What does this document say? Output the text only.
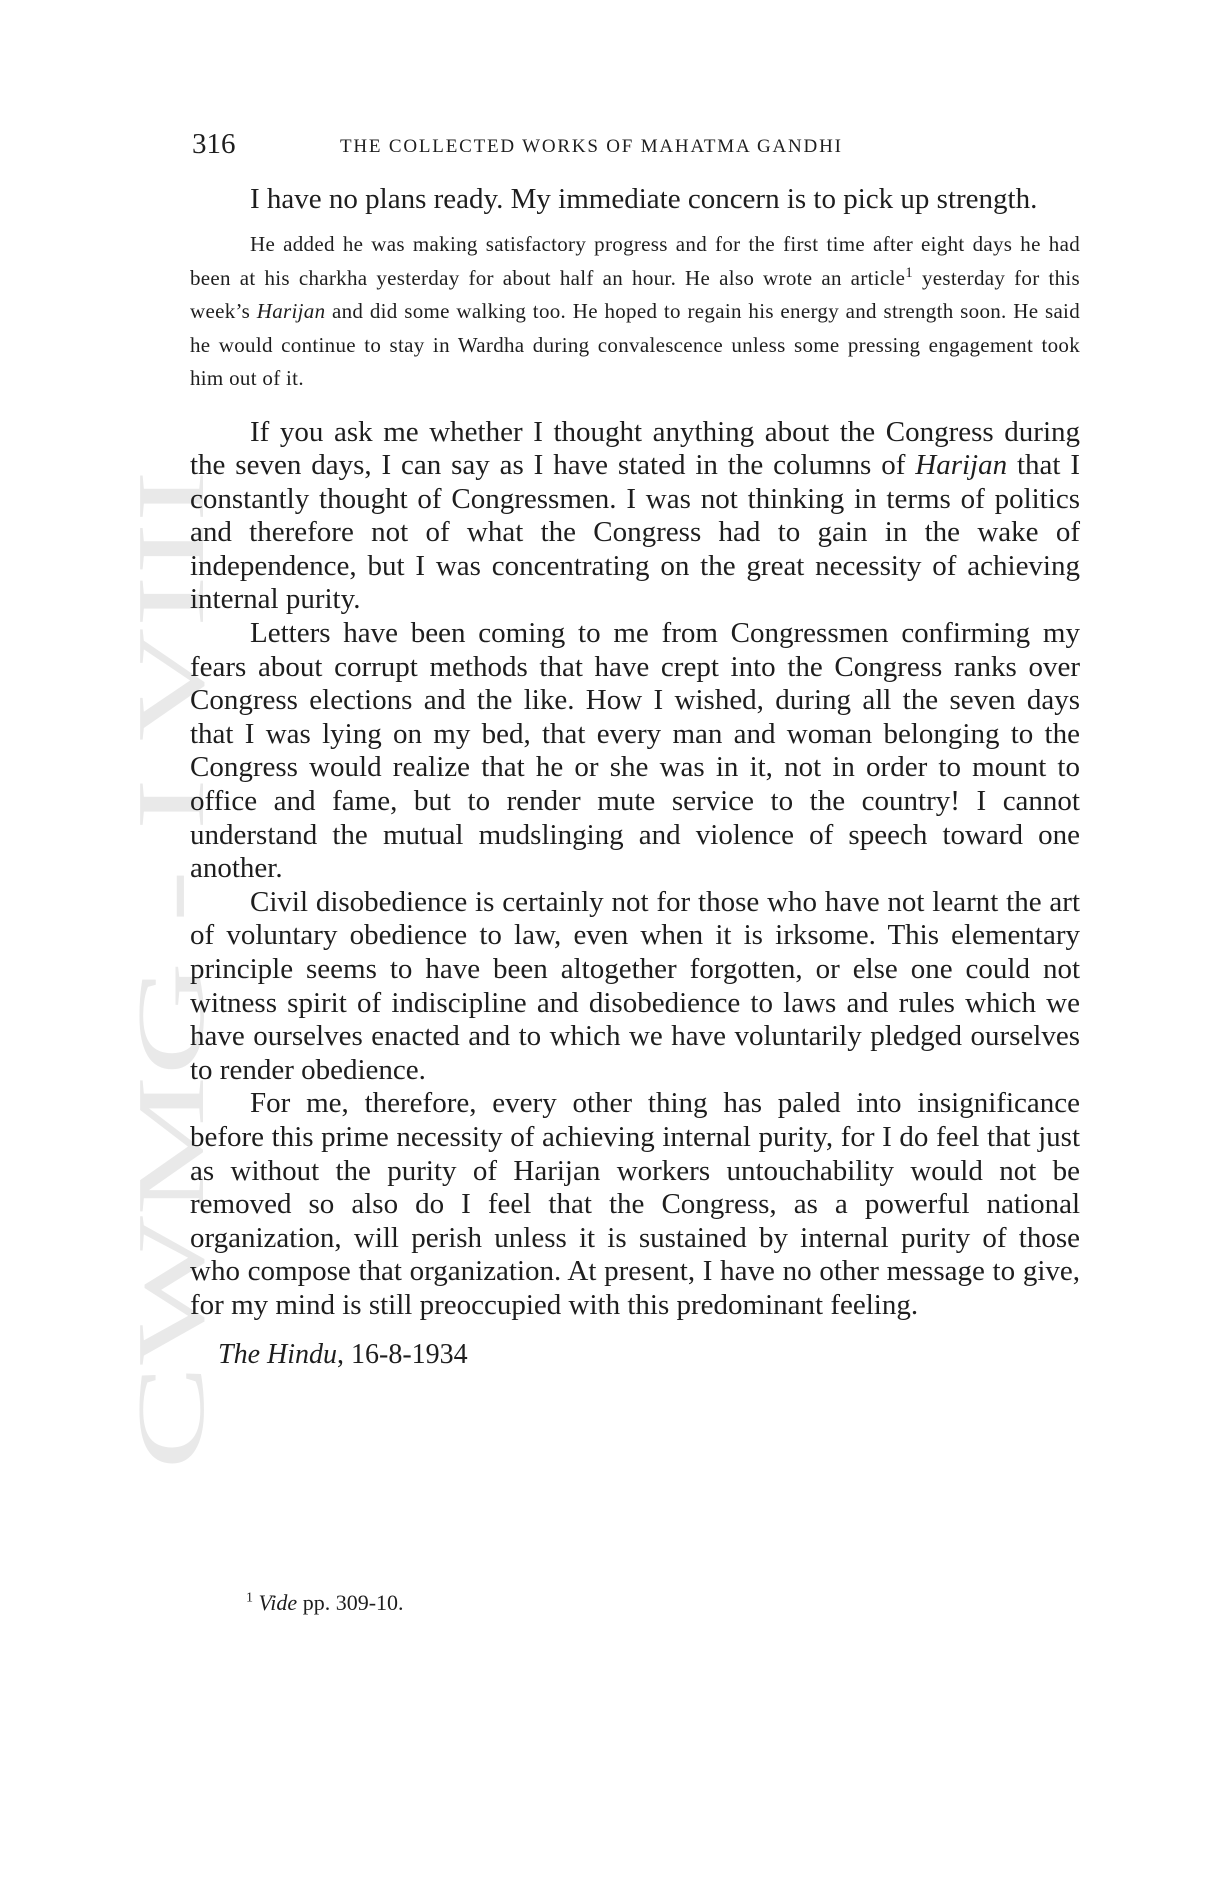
CWMG - I VIII
316	THE COLLECTED WORKS OF MAHATMA GANDHI

I have no plans ready. My immediate concern is to pick up strength.

He added he was making satisfactory progress and for the first time after eight days he had been at his charkha yesterday for about half an hour. He also wrote an article$^1$ yesterday for this week’s Harijan and did some walking too. He hoped to regain his energy and strength soon. He said he would continue to stay in Wardha during convalescence unless some pressing engagement took him out of it.

If you ask me whether I thought anything about the Congress during the seven days, I can say as I have stated in the columns of Harijan that I constantly thought of Congressmen. I was not thinking in terms of politics and therefore not of what the Congress had to gain in the wake of independence, but I was concentrating on the great necessity of achieving internal purity.

Letters have been coming to me from Congressmen confirming my fears about corrupt methods that have crept into the Congress ranks over Congress elections and the like. How I wished, during all the seven days that I was lying on my bed, that every man and woman belonging to the Congress would realize that he or she was in it, not in order to mount to office and fame, but to render mute service to the country! I cannot understand the mutual mudslinging and violence of speech toward one another.

Civil disobedience is certainly not for those who have not learnt the art of voluntary obedience to law, even when it is irksome. This elementary principle seems to have been altogether forgotten, or else one could not witness spirit of indiscipline and disobedience to laws and rules which we have ourselves enacted and to which we have voluntarily pledged ourselves to render obedience.

For me, therefore, every other thing has paled into insignificance before this prime necessity of achieving internal purity, for I do feel that just as without the purity of Harijan workers untouchability would not be removed so also do I feel that the Congress, as a powerful national organization, will perish unless it is sustained by internal purity of those who compose that organization. At present, I have no other message to give, for my mind is still preoccupied with this predominant feeling.

The Hindu, 16-8-1934

$^1$ Vide pp. 309-10.
